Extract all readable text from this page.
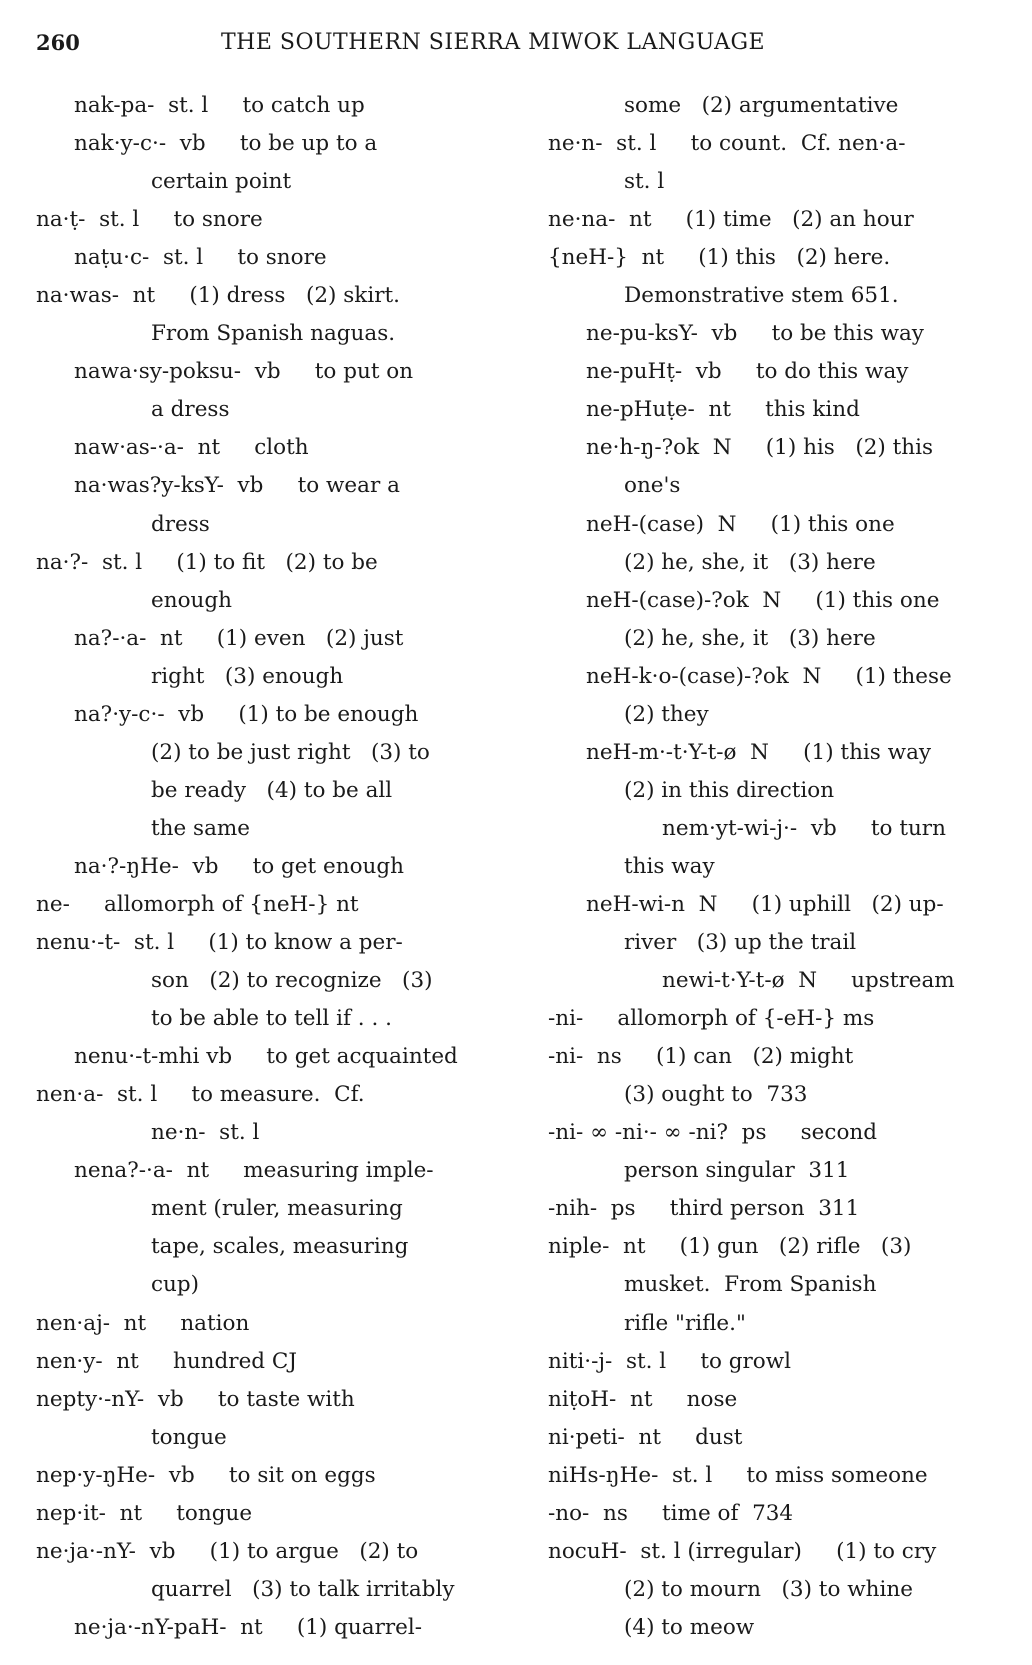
260	THE SOUTHERN SIERRA MIWOK LANGUAGE
nak-pa-  st. l     to catch up
nak·y-c·-  vb     to be up to a
certain point
na·ṭ-  st. l     to snore
naṭu·c-  st. l     to snore
na·was-  nt     (1) dress   (2) skirt.
From Spanish naguas.
nawa·sy-poksu-  vb     to put on
a dress
naw·as-·a-  nt     cloth
na·was?y-ksY-  vb     to wear a
dress
na·?-  st. l     (1) to fit   (2) to be
enough
na?-·a-  nt     (1) even   (2) just
right   (3) enough
na?·y-c·-  vb     (1) to be enough
(2) to be just right   (3) to
be ready   (4) to be all
the same
na·?-ŋHe-  vb     to get enough
ne-     allomorph of {neH-} nt
nenu·-t-  st. l     (1) to know a per-
son   (2) to recognize   (3)
to be able to tell if . . .
nenu·-t-mhi vb     to get acquainted
nen·a-  st. l     to measure.  Cf.
ne·n-  st. l
nena?-·a-  nt     measuring imple-
ment (ruler, measuring
tape, scales, measuring
cup)
nen·aj-  nt     nation
nen·y-  nt     hundred CJ
nepty·-nY-  vb     to taste with
tongue
nep·y-ŋHe-  vb     to sit on eggs
nep·it-  nt     tongue
ne·ja·-nY-  vb     (1) to argue   (2) to
quarrel   (3) to talk irritably
ne·ja·-nY-paH-  nt     (1) quarrel-
some   (2) argumentative
ne·n-  st. l     to count.  Cf. nen·a-
st. l
ne·na-  nt     (1) time   (2) an hour
{neH-}  nt     (1) this   (2) here.
Demonstrative stem 651.
ne-pu-ksY-  vb     to be this way
ne-puHṭ-  vb     to do this way
ne-pHuṭe-  nt     this kind
ne·h-ŋ-?ok  N     (1) his   (2) this
one's
neH-(case)  N     (1) this one
(2) he, she, it   (3) here
neH-(case)-?ok  N     (1) this one
(2) he, she, it   (3) here
neH-k·o-(case)-?ok  N     (1) these
(2) they
neH-m·-t·Y-t-ø  N     (1) this way
(2) in this direction
nem·yt-wi-j·-  vb     to turn
this way
neH-wi-n  N     (1) uphill   (2) up-
river   (3) up the trail
newi-t·Y-t-ø  N     upstream
-ni-     allomorph of {-eH-} ms
-ni-  ns     (1) can   (2) might
(3) ought to  733
-ni- ∞ -ni·- ∞ -ni?  ps     second
person singular  311
-nih-  ps     third person  311
niple-  nt     (1) gun   (2) rifle   (3)
musket.  From Spanish
rifle "rifle."
niti·-j-  st. l     to growl
niṭoH-  nt     nose
ni·peti-  nt     dust
niHs-ŋHe-  st. l     to miss someone
-no-  ns     time of  734
nocuH-  st. l (irregular)     (1) to cry
(2) to mourn   (3) to whine
(4) to meow
